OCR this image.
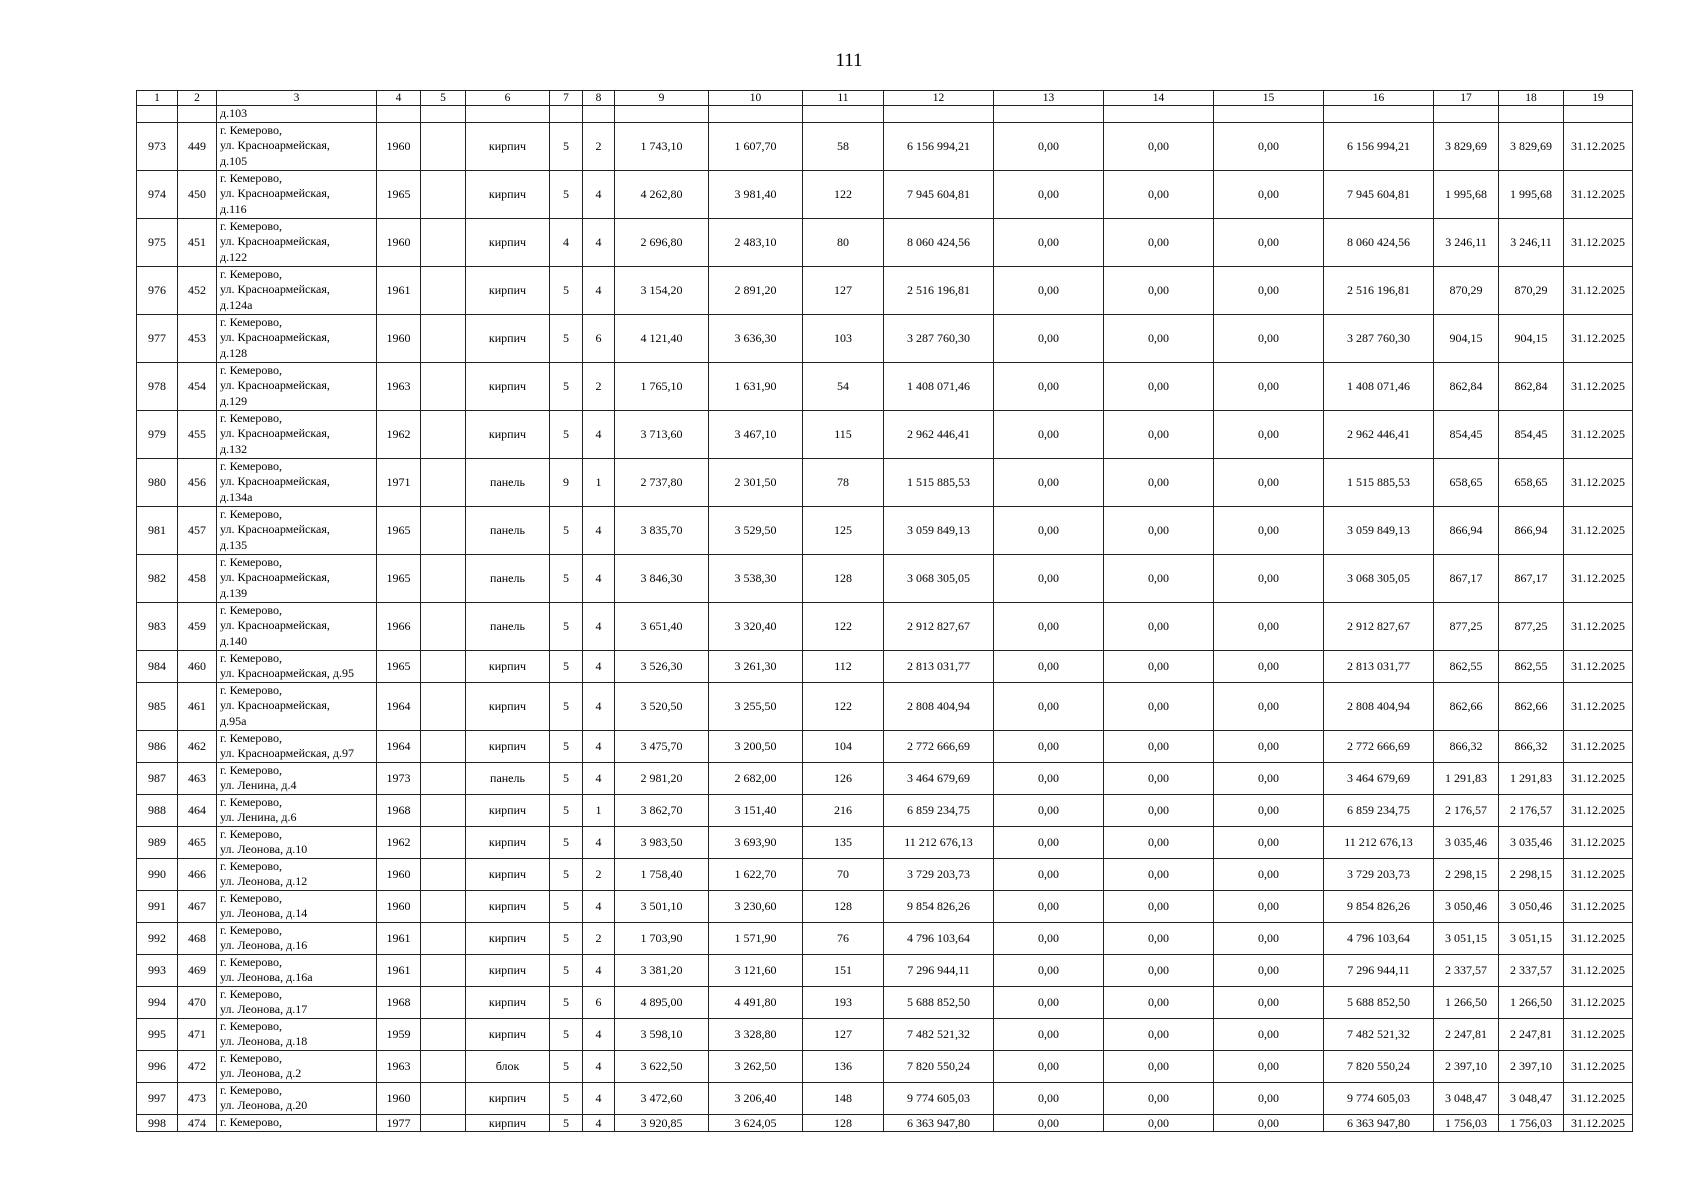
111
1	2	3	4	5	6	7	8	9	10	11	12	13	14	15	16	17	18	19
		д.103																
973	449	г. Кемерово,
ул. Красноармейская,
д.105	1960		кирпич	5	2	1 743,10	1 607,70	58	6 156 994,21	0,00	0,00	0,00	6 156 994,21	3 829,69	3 829,69	31.12.2025
974	450	г. Кемерово,
ул. Красноармейская,
д.116	1965		кирпич	5	4	4 262,80	3 981,40	122	7 945 604,81	0,00	0,00	0,00	7 945 604,81	1 995,68	1 995,68	31.12.2025
975	451	г. Кемерово,
ул. Красноармейская,
д.122	1960		кирпич	4	4	2 696,80	2 483,10	80	8 060 424,56	0,00	0,00	0,00	8 060 424,56	3 246,11	3 246,11	31.12.2025
976	452	г. Кемерово,
ул. Красноармейская,
д.124а	1961		кирпич	5	4	3 154,20	2 891,20	127	2 516 196,81	0,00	0,00	0,00	2 516 196,81	870,29	870,29	31.12.2025
977	453	г. Кемерово,
ул. Красноармейская,
д.128	1960		кирпич	5	6	4 121,40	3 636,30	103	3 287 760,30	0,00	0,00	0,00	3 287 760,30	904,15	904,15	31.12.2025
978	454	г. Кемерово,
ул. Красноармейская,
д.129	1963		кирпич	5	2	1 765,10	1 631,90	54	1 408 071,46	0,00	0,00	0,00	1 408 071,46	862,84	862,84	31.12.2025
979	455	г. Кемерово,
ул. Красноармейская,
д.132	1962		кирпич	5	4	3 713,60	3 467,10	115	2 962 446,41	0,00	0,00	0,00	2 962 446,41	854,45	854,45	31.12.2025
980	456	г. Кемерово,
ул. Красноармейская,
д.134а	1971		панель	9	1	2 737,80	2 301,50	78	1 515 885,53	0,00	0,00	0,00	1 515 885,53	658,65	658,65	31.12.2025
981	457	г. Кемерово,
ул. Красноармейская,
д.135	1965		панель	5	4	3 835,70	3 529,50	125	3 059 849,13	0,00	0,00	0,00	3 059 849,13	866,94	866,94	31.12.2025
982	458	г. Кемерово,
ул. Красноармейская,
д.139	1965		панель	5	4	3 846,30	3 538,30	128	3 068 305,05	0,00	0,00	0,00	3 068 305,05	867,17	867,17	31.12.2025
983	459	г. Кемерово,
ул. Красноармейская,
д.140	1966		панель	5	4	3 651,40	3 320,40	122	2 912 827,67	0,00	0,00	0,00	2 912 827,67	877,25	877,25	31.12.2025
984	460	г. Кемерово,
ул. Красноармейская, д.95	1965		кирпич	5	4	3 526,30	3 261,30	112	2 813 031,77	0,00	0,00	0,00	2 813 031,77	862,55	862,55	31.12.2025
985	461	г. Кемерово,
ул. Красноармейская,
д.95а	1964		кирпич	5	4	3 520,50	3 255,50	122	2 808 404,94	0,00	0,00	0,00	2 808 404,94	862,66	862,66	31.12.2025
986	462	г. Кемерово,
ул. Красноармейская, д.97	1964		кирпич	5	4	3 475,70	3 200,50	104	2 772 666,69	0,00	0,00	0,00	2 772 666,69	866,32	866,32	31.12.2025
987	463	г. Кемерово,
ул. Ленина, д.4	1973		панель	5	4	2 981,20	2 682,00	126	3 464 679,69	0,00	0,00	0,00	3 464 679,69	1 291,83	1 291,83	31.12.2025
988	464	г. Кемерово,
ул. Ленина, д.6	1968		кирпич	5	1	3 862,70	3 151,40	216	6 859 234,75	0,00	0,00	0,00	6 859 234,75	2 176,57	2 176,57	31.12.2025
989	465	г. Кемерово,
ул. Леонова, д.10	1962		кирпич	5	4	3 983,50	3 693,90	135	11 212 676,13	0,00	0,00	0,00	11 212 676,13	3 035,46	3 035,46	31.12.2025
990	466	г. Кемерово,
ул. Леонова, д.12	1960		кирпич	5	2	1 758,40	1 622,70	70	3 729 203,73	0,00	0,00	0,00	3 729 203,73	2 298,15	2 298,15	31.12.2025
991	467	г. Кемерово,
ул. Леонова, д.14	1960		кирпич	5	4	3 501,10	3 230,60	128	9 854 826,26	0,00	0,00	0,00	9 854 826,26	3 050,46	3 050,46	31.12.2025
992	468	г. Кемерово,
ул. Леонова, д.16	1961		кирпич	5	2	1 703,90	1 571,90	76	4 796 103,64	0,00	0,00	0,00	4 796 103,64	3 051,15	3 051,15	31.12.2025
993	469	г. Кемерово,
ул. Леонова, д.16а	1961		кирпич	5	4	3 381,20	3 121,60	151	7 296 944,11	0,00	0,00	0,00	7 296 944,11	2 337,57	2 337,57	31.12.2025
994	470	г. Кемерово,
ул. Леонова, д.17	1968		кирпич	5	6	4 895,00	4 491,80	193	5 688 852,50	0,00	0,00	0,00	5 688 852,50	1 266,50	1 266,50	31.12.2025
995	471	г. Кемерово,
ул. Леонова, д.18	1959		кирпич	5	4	3 598,10	3 328,80	127	7 482 521,32	0,00	0,00	0,00	7 482 521,32	2 247,81	2 247,81	31.12.2025
996	472	г. Кемерово,
ул. Леонова, д.2	1963		блок	5	4	3 622,50	3 262,50	136	7 820 550,24	0,00	0,00	0,00	7 820 550,24	2 397,10	2 397,10	31.12.2025
997	473	г. Кемерово,
ул. Леонова, д.20	1960		кирпич	5	4	3 472,60	3 206,40	148	9 774 605,03	0,00	0,00	0,00	9 774 605,03	3 048,47	3 048,47	31.12.2025
998	474	г. Кемерово,	1977		кирпич	5	4	3 920,85	3 624,05	128	6 363 947,80	0,00	0,00	0,00	6 363 947,80	1 756,03	1 756,03	31.12.2025
